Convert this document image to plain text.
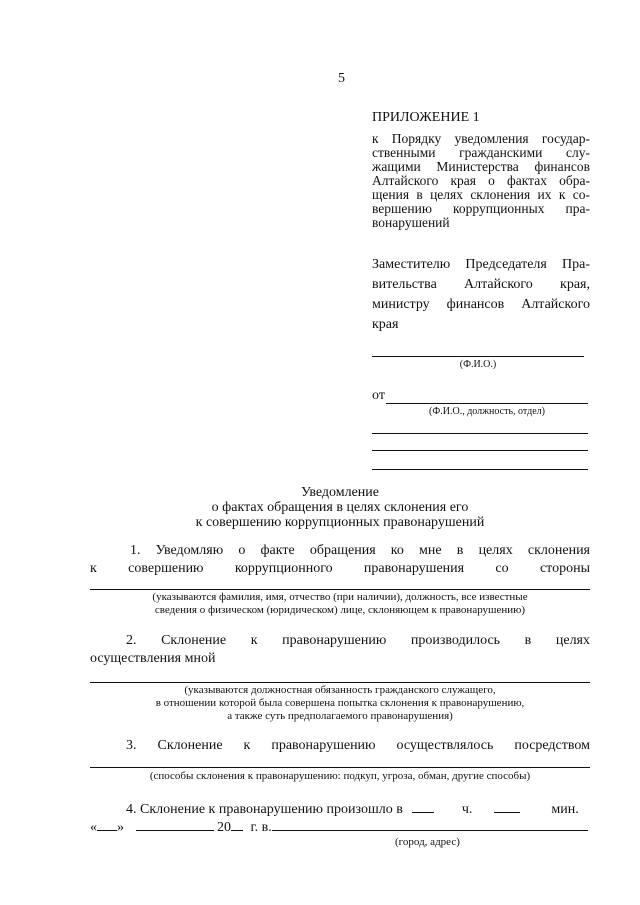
5
ПРИЛОЖЕНИЕ 1
к Порядку уведомления государ-
ственными гражданскими слу-
жащими Министерства финансов
Алтайского края о фактах обра-
щения в целях склонения их к со-
вершению коррупционных пра-
вонарушений
Заместителю Председателя Пра-
вительства Алтайского края,
министру финансов Алтайского
края
(Ф.И.О.)
от
(Ф.И.О., должность, отдел)
Уведомление
о фактах обращения в целях склонения его
к совершению коррупционных правонарушений
1. Уведомляю о факте обращения ко мне в целях склонения
к совершению коррупционного правонарушения со стороны
(указываются фамилия, имя, отчество (при наличии), должность, все известные
сведения о физическом (юридическом) лице, склоняющем к правонарушению)
2. Склонение к правонарушению производилось в целях
осуществления мной
(указываются должностная обязанность гражданского служащего,
в отношении которой была совершена попытка склонения к правонарушению,
а также суть предполагаемого правонарушения)
3. Склонение к правонарушению осуществлялось посредством
(способы склонения к правонарушению: подкуп, угроза, обман, другие способы)
4. Склонение к правонарушению произошло в	ч.	мин.
« »	20 г. в.
(город, адрес)
